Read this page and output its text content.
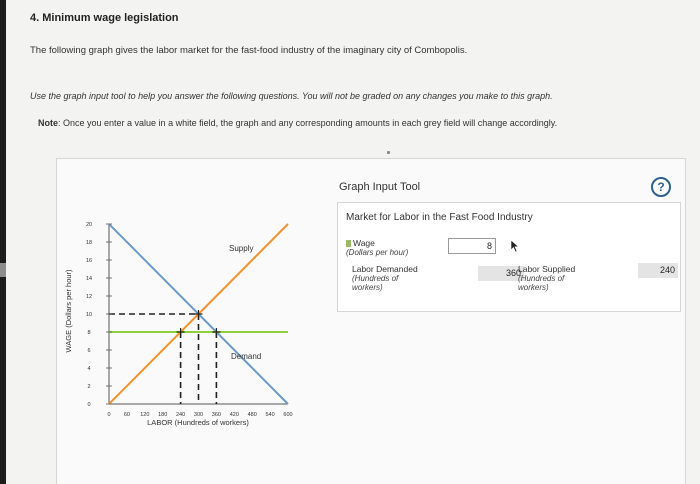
4. Minimum wage legislation
The following graph gives the labor market for the fast-food industry of the imaginary city of Combopolis.
Use the graph input tool to help you answer the following questions. You will not be graded on any changes you make to this graph.
Note: Once you enter a value in a white field, the graph and any corresponding amounts in each grey field will change accordingly.
0
2
4
6
8
10
12
14
16
18
20
0 60 120 180 240 300 360 420 480 540 600
WAGE (Dollars per hour)
LABOR (Hundreds of workers)
Supply
Demand
Graph Input Tool	?
Market for Labor in the Fast Food Industry
Wage
(Dollars per hour)
8
Labor Demanded
(Hundreds of
workers)
360
Labor Supplied
(Hundreds of
workers)
240
